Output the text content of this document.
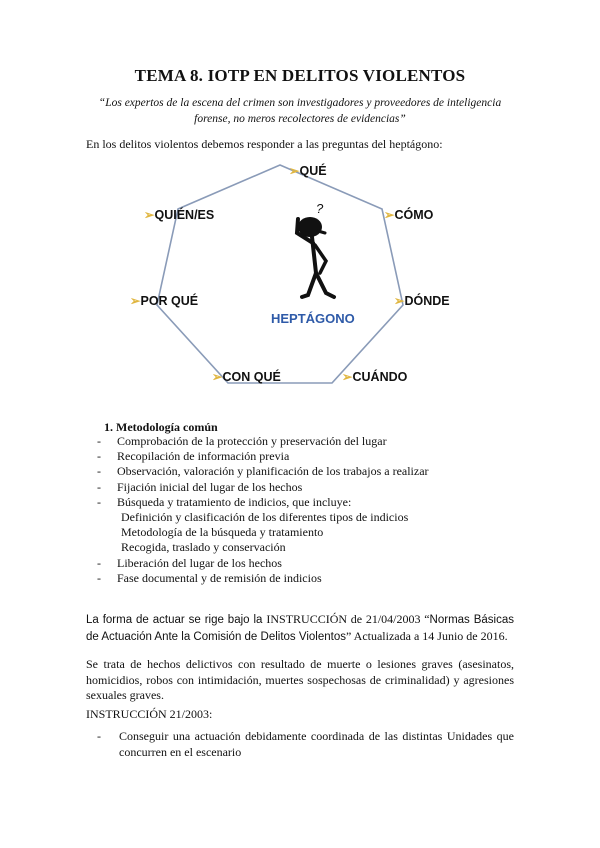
TEMA 8. IOTP EN DELITOS VIOLENTOS
“Los expertos de la escena del crimen son investigadores y proveedores de inteligencia
forense, no meros recolectores de evidencias”
En los delitos violentos debemos responder a las preguntas del heptágono:
?
HEPTÁGONO
➢QUÉ
➢CÓMO
➢DÓNDE
➢CUÁNDO
➢CON QUÉ
➢POR QUÉ
➢QUIÉN/ES
1. Metodología común
- Comprobación de la protección y preservación del lugar
- Recopilación de información previa
- Observación, valoración y planificación de los trabajos a realizar
- Fijación inicial del lugar de los hechos
- Búsqueda y tratamiento de indicios, que incluye:
Definición y clasificación de los diferentes tipos de indicios
Metodología de la búsqueda y tratamiento
Recogida, traslado y conservación
- Liberación del lugar de los hechos
- Fase documental y de remisión de indicios
La forma de actuar se rige bajo la INSTRUCCIÓN de 21/04/2003 “Normas Básicas de Actuación Ante la Comisión de Delitos Violentos” Actualizada a 14 Junio de 2016.
Se trata de hechos delictivos con resultado de muerte o lesiones graves (asesinatos, homicidios, robos con intimidación, muertes sospechosas de criminalidad) y agresiones sexuales graves.
INSTRUCCIÓN 21/2003:
- Conseguir una actuación debidamente coordinada de las distintas Unidades que concurren en el escenario
